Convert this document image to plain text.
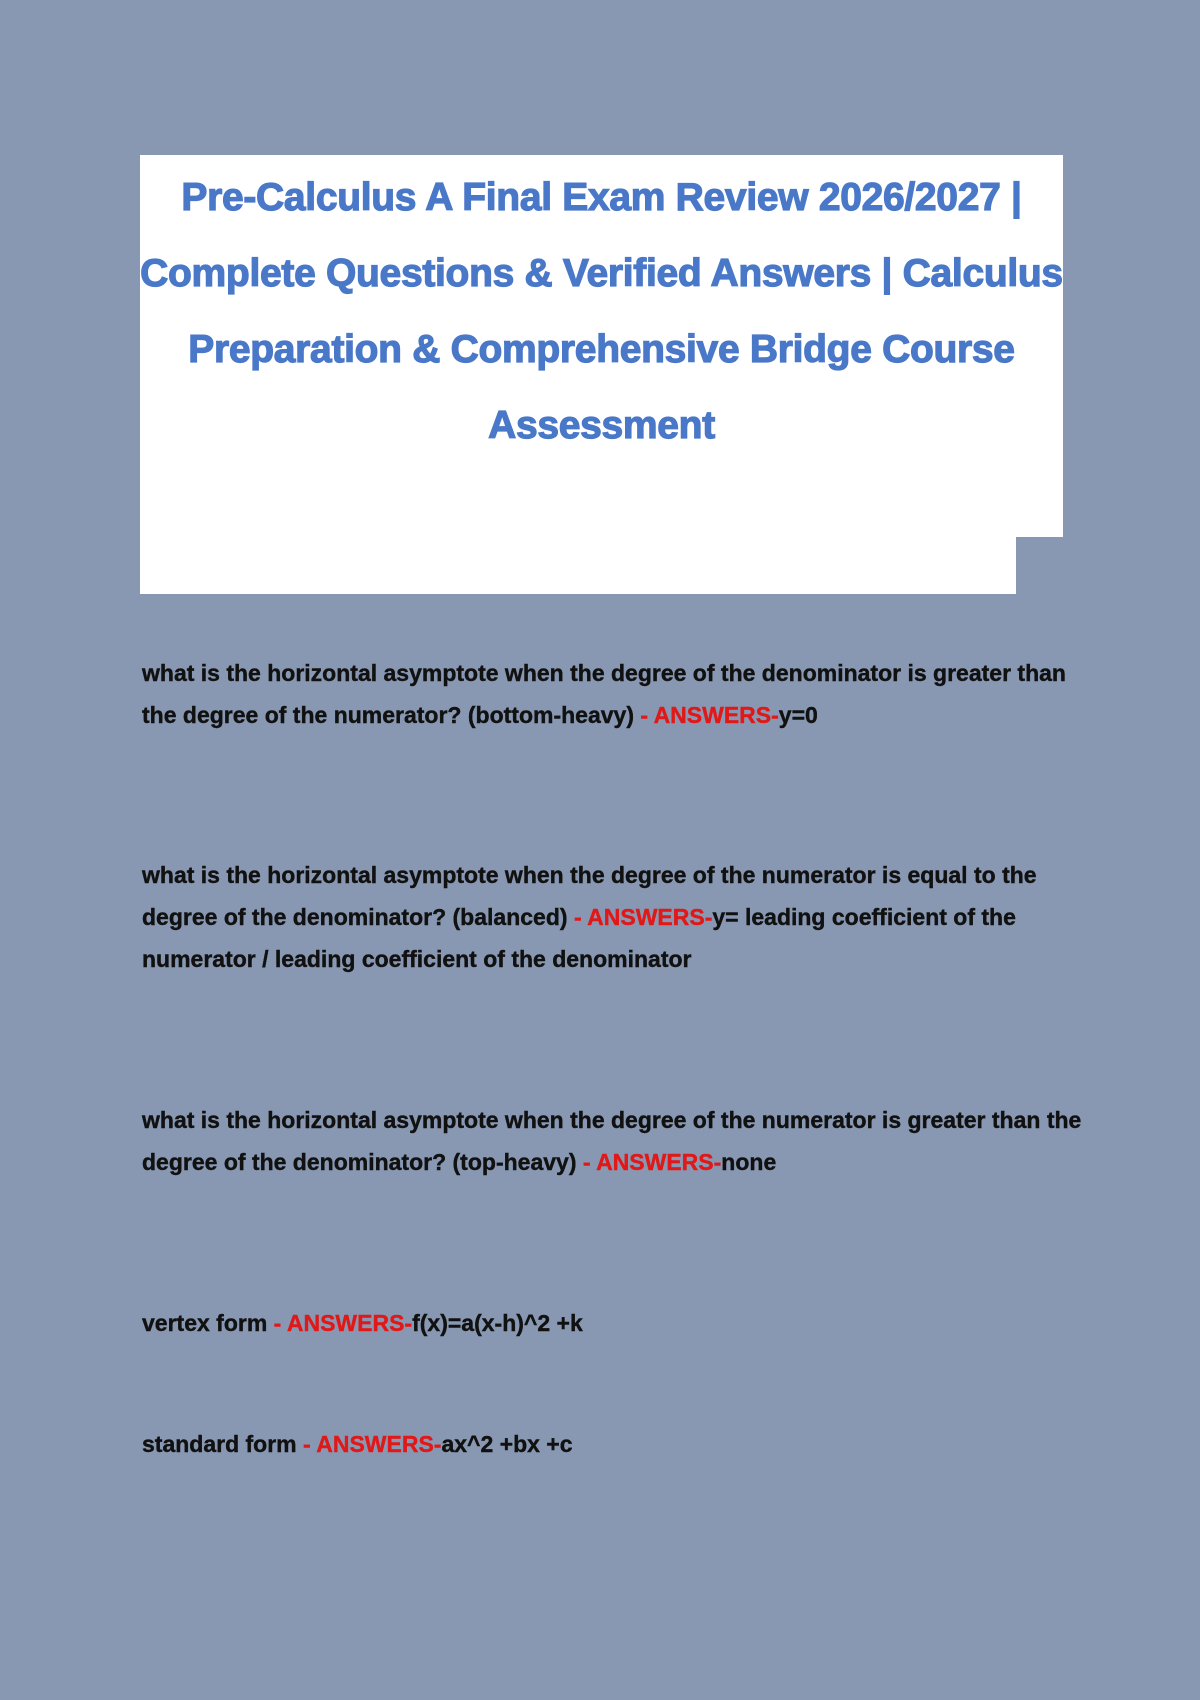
Pre-Calculus A Final Exam Review 2026/2027 | Complete Questions & Verified Answers | Calculus Preparation & Comprehensive Bridge Course Assessment

what is the horizontal asymptote when the degree of the denominator is greater than the degree of the numerator? (bottom-heavy) - ANSWERS-y=0

what is the horizontal asymptote when the degree of the numerator is equal to the degree of the denominator? (balanced) - ANSWERS-y= leading coefficient of the numerator / leading coefficient of the denominator

what is the horizontal asymptote when the degree of the numerator is greater than the degree of the denominator? (top-heavy) - ANSWERS-none

vertex form - ANSWERS-f(x)=a(x-h)^2 +k

standard form - ANSWERS-ax^2 +bx +c
